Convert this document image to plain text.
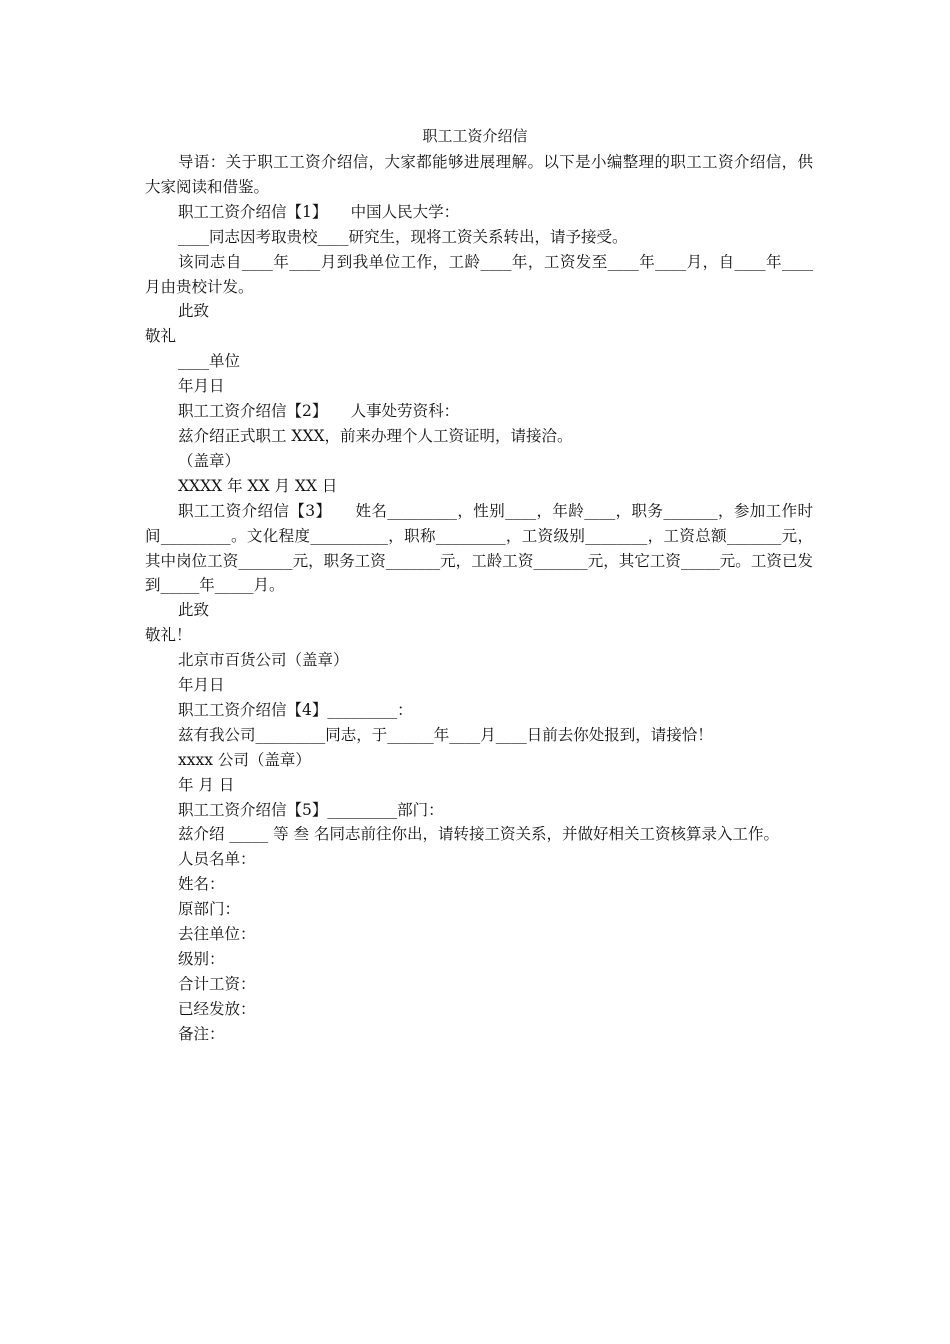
职工工资介绍信

导语：关于职工工资介绍信，大家都能够进展理解。以下是小编整理的职工工资介绍信，供大家阅读和借鉴。

职工工资介绍信【1】　　中国人民大学：

____同志因考取贵校____研究生，现将工资关系转出，请予接受。

该同志自____年____月到我单位工作，工龄____年，工资发至____年____月，自____年____月由贵校计发。

此致

敬礼

____单位

年月日

职工工资介绍信【2】　　人事处劳资科：

兹介绍正式职工 XXX，前来办理个人工资证明，请接洽。

（盖章）

XXXX 年 XX 月 XX 日

职工工资介绍信【3】　　姓名_________，性别____，年龄____，职务_______，参加工作时间_________。文化程度__________，职称_________，工资级别________，工资总额_______元，其中岗位工资_______元，职务工资_______元，工龄工资_______元，其它工资_____元。工资已发到_____年_____月。

此致

敬礼！

北京市百货公司（盖章）

年月日

职工工资介绍信【4】_________：

兹有我公司_________同志，于______年____月____日前去你处报到，请接恰！

xxxx 公司（盖章）

年 月 日

职工工资介绍信【5】_________部门：

兹介绍 _____ 等 叁 名同志前往你出，请转接工资关系，并做好相关工资核算录入工作。

人员名单：

姓名：

原部门：

去往单位：

级别：

合计工资：

已经发放：

备注：
